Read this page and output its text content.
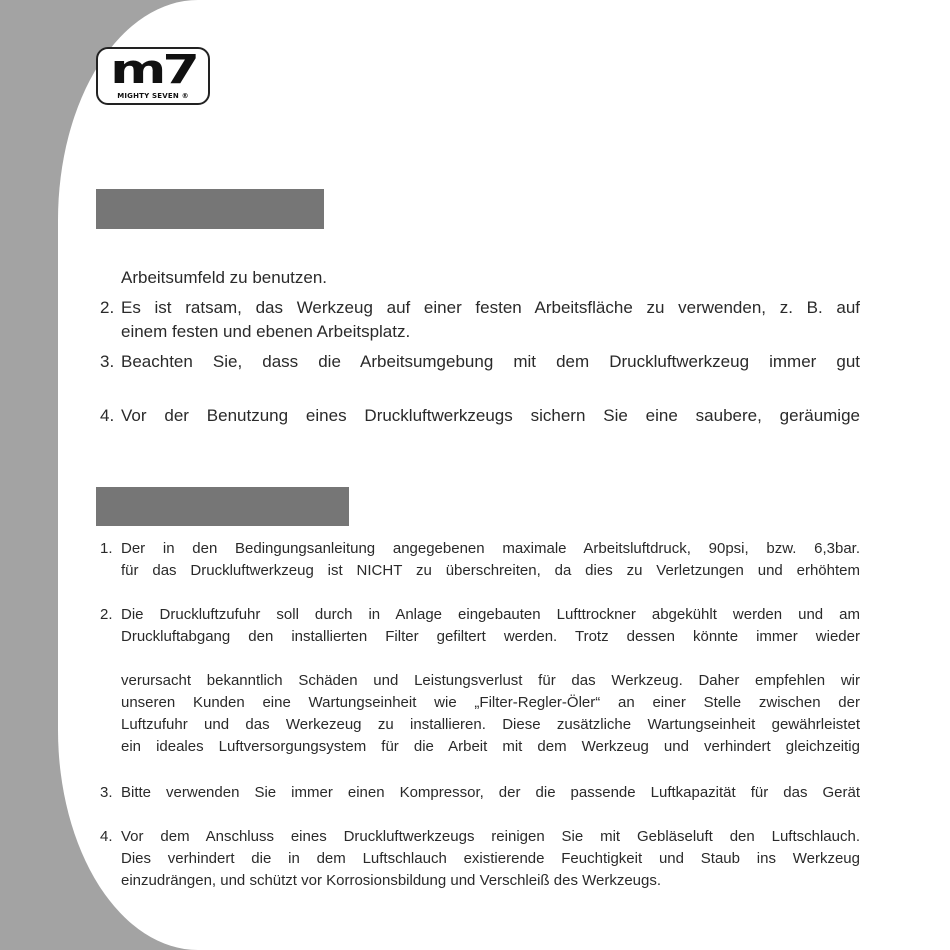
m7
MIGHTY SEVEN ®
Arbeitsumfeld zu benutzen.
2. Es ist ratsam, das Werkzeug auf einer festen Arbeitsfläche zu verwenden, z. B. auf
einem festen und ebenen Arbeitsplatz.
3. Beachten Sie, dass die Arbeitsumgebung mit dem Druckluftwerkzeug immer gut
4. Vor der Benutzung eines Druckluftwerkzeugs sichern Sie eine saubere, geräumige
1. Der in den Bedingungsanleitung angegebenen maximale Arbeitsluftdruck, 90psi, bzw. 6,3bar.
für das Druckluftwerkzeug ist NICHT zu überschreiten, da dies zu Verletzungen und erhöhtem
2. Die Druckluftzufuhr soll durch in Anlage eingebauten Lufttrockner abgekühlt werden und am
Druckluftabgang den installierten Filter gefiltert werden. Trotz dessen könnte immer wieder
verursacht bekanntlich Schäden und Leistungsverlust für das Werkzeug. Daher empfehlen wir
unseren Kunden eine Wartungseinheit wie „Filter-Regler-Öler“ an einer Stelle zwischen der
Luftzufuhr und das Werkezeug zu installieren. Diese zusätzliche Wartungseinheit gewährleistet
ein ideales Luftversorgungsystem für die Arbeit mit dem Werkzeug und verhindert gleichzeitig
3. Bitte verwenden Sie immer einen Kompressor, der die passende Luftkapazität für das Gerät
4. Vor dem Anschluss eines Druckluftwerkzeugs reinigen Sie mit Gebläseluft den Luftschlauch.
Dies verhindert die in dem Luftschlauch existierende Feuchtigkeit und Staub ins Werkzeug
einzudrängen, und schützt vor Korrosionsbildung und Verschleiß des Werkzeugs.
